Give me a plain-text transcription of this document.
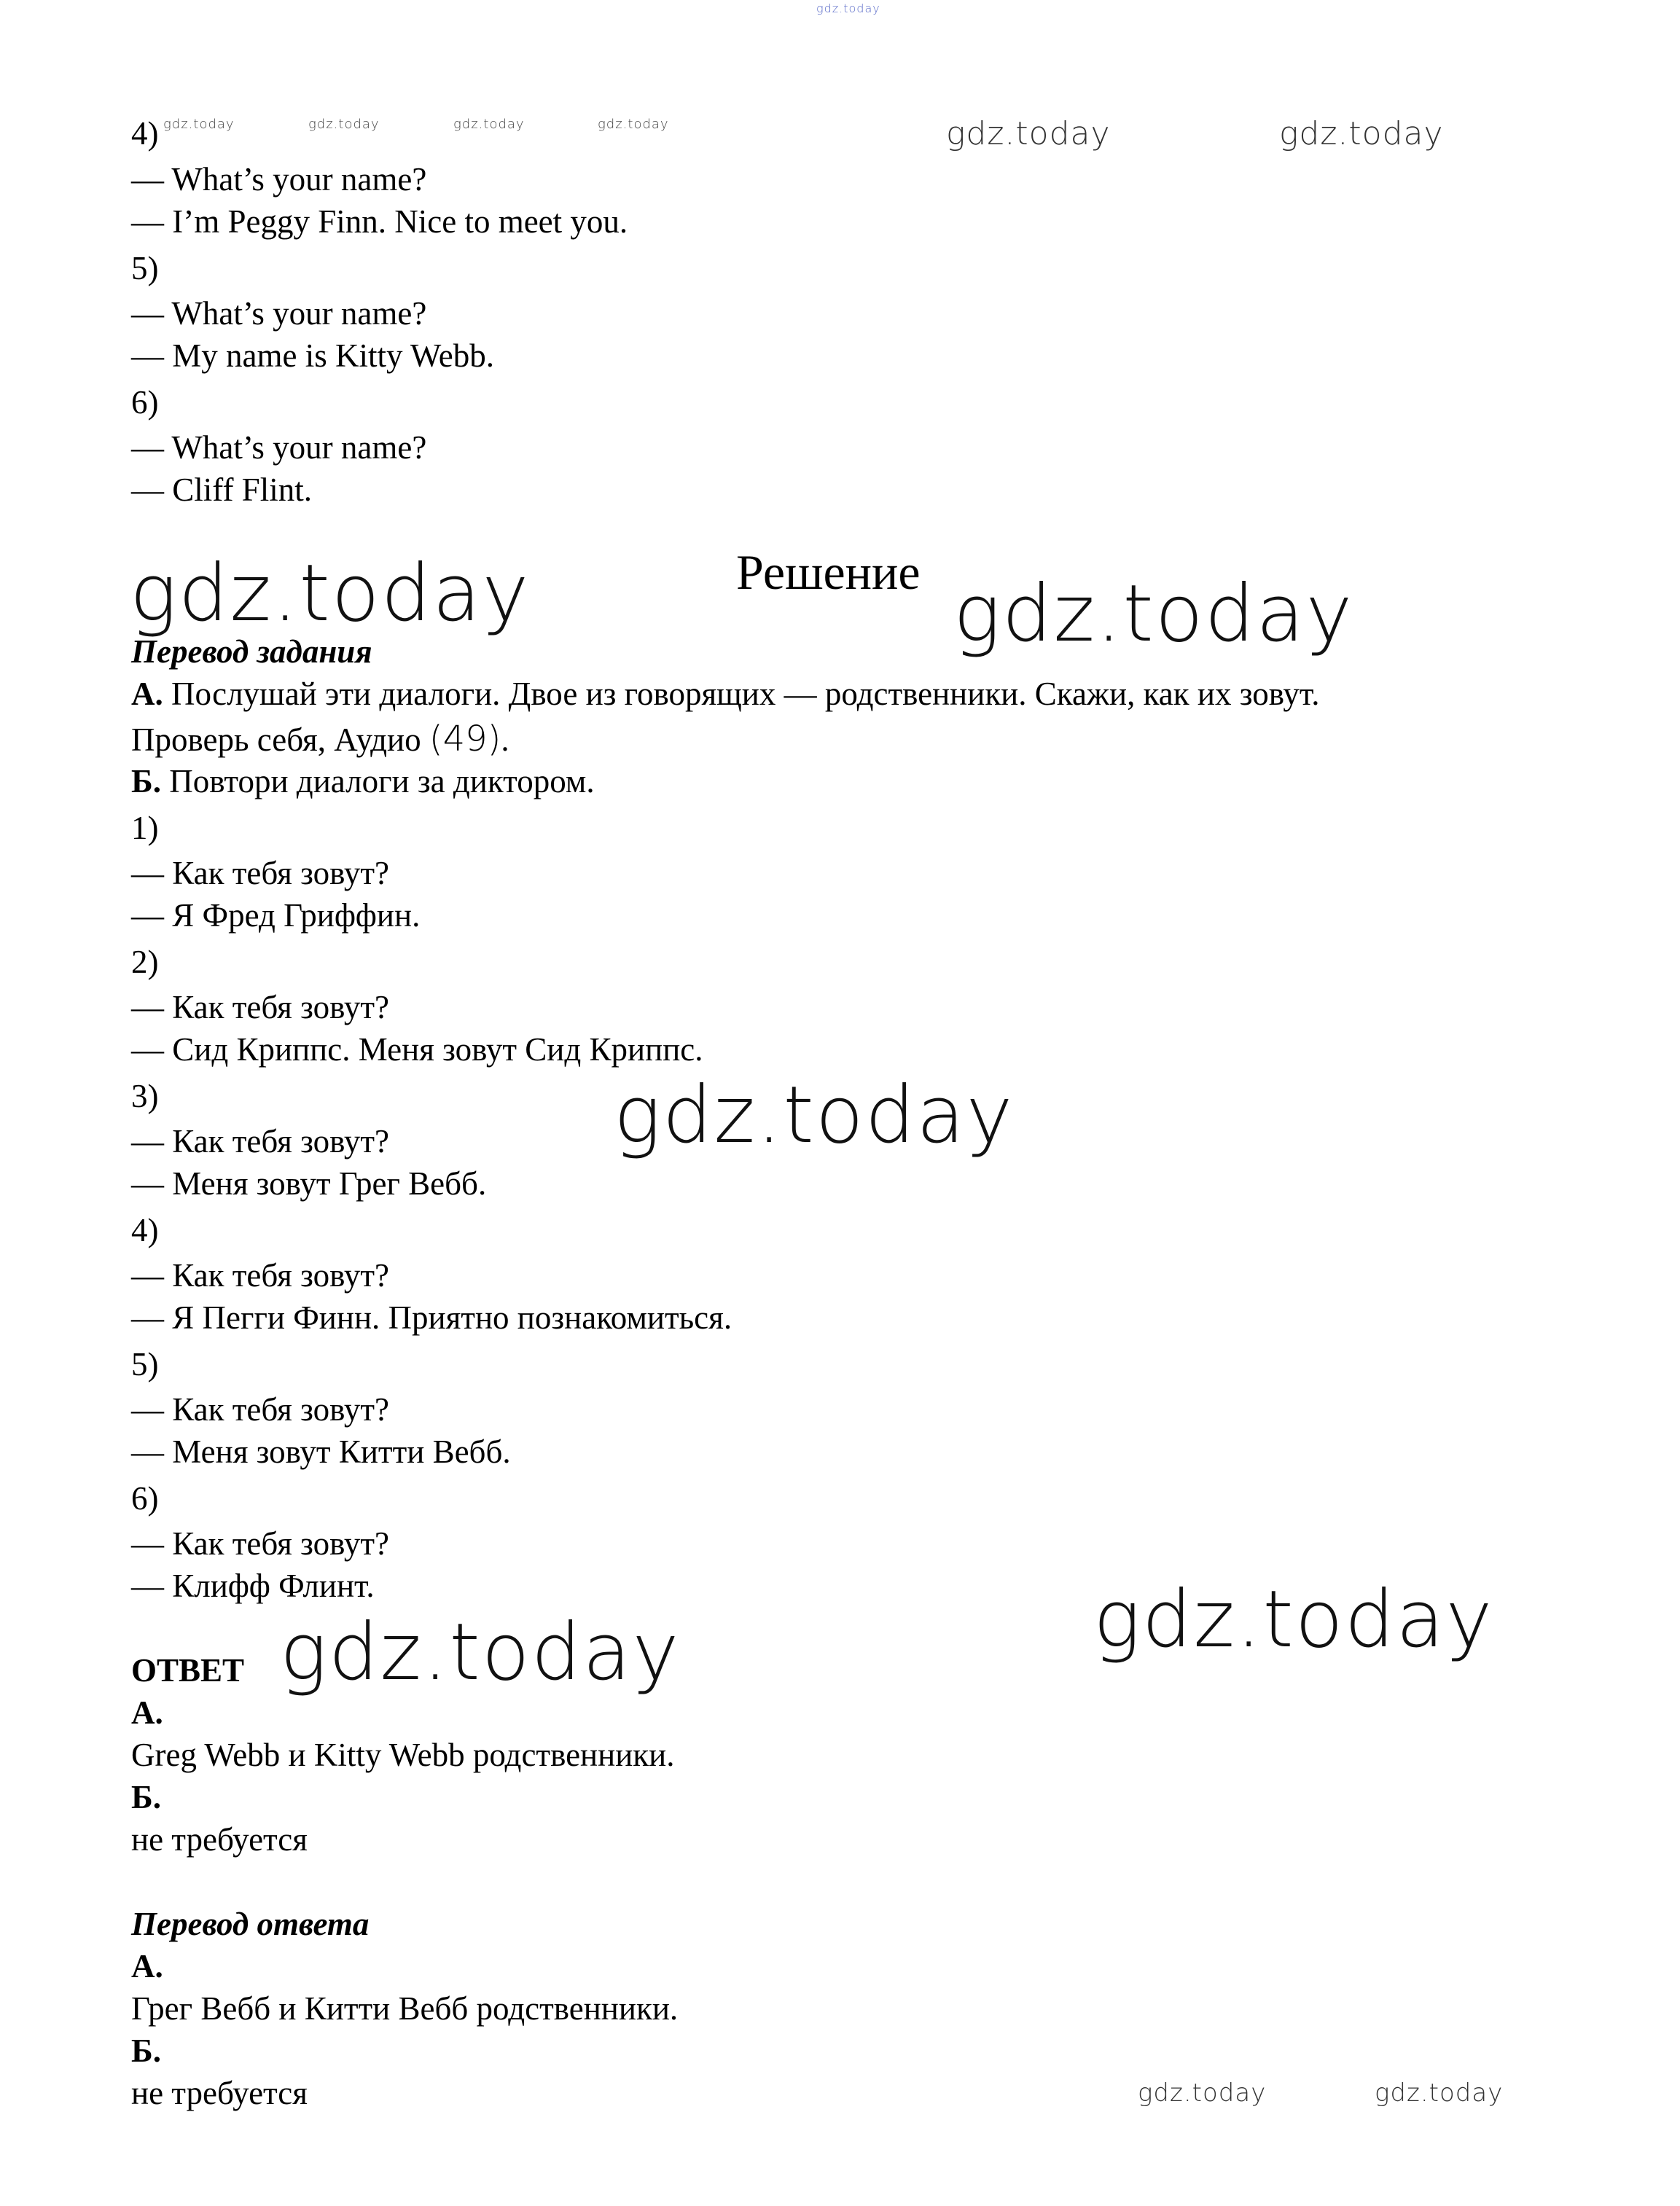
gdz.today
gdz.today	gdz.today	gdz.today	gdz.today	gdz.today	gdz.today
gdz.today	gdz.today
gdz.today
gdz.today
gdz.today
gdz.today	gdz.today
4)
— What’s your name?
— I’m Peggy Finn. Nice to meet you.
5)
— What’s your name?
— My name is Kitty Webb.
6)
— What’s your name?
— Cliff Flint.
Решение
Перевод задания
А. Послушай эти диалоги. Двое из говорящих — родственники. Скажи, как их зовут.
Проверь себя, Аудио (49).
Б. Повтори диалоги за диктором.
1)
— Как тебя зовут?
— Я Фред Гриффин.
2)
— Как тебя зовут?
— Сид Криппс. Меня зовут Сид Криппс.
3)
— Как тебя зовут?
— Меня зовут Грег Вебб.
4)
— Как тебя зовут?
— Я Пегги Финн. Приятно познакомиться.
5)
— Как тебя зовут?
— Меня зовут Китти Вебб.
6)
— Как тебя зовут?
— Клифф Флинт.
ОТВЕТ
А.
Greg Webb и Kitty Webb родственники.
Б.
не требуется
Перевод ответа
А.
Грег Вебб и Китти Вебб родственники.
Б.
не требуется
